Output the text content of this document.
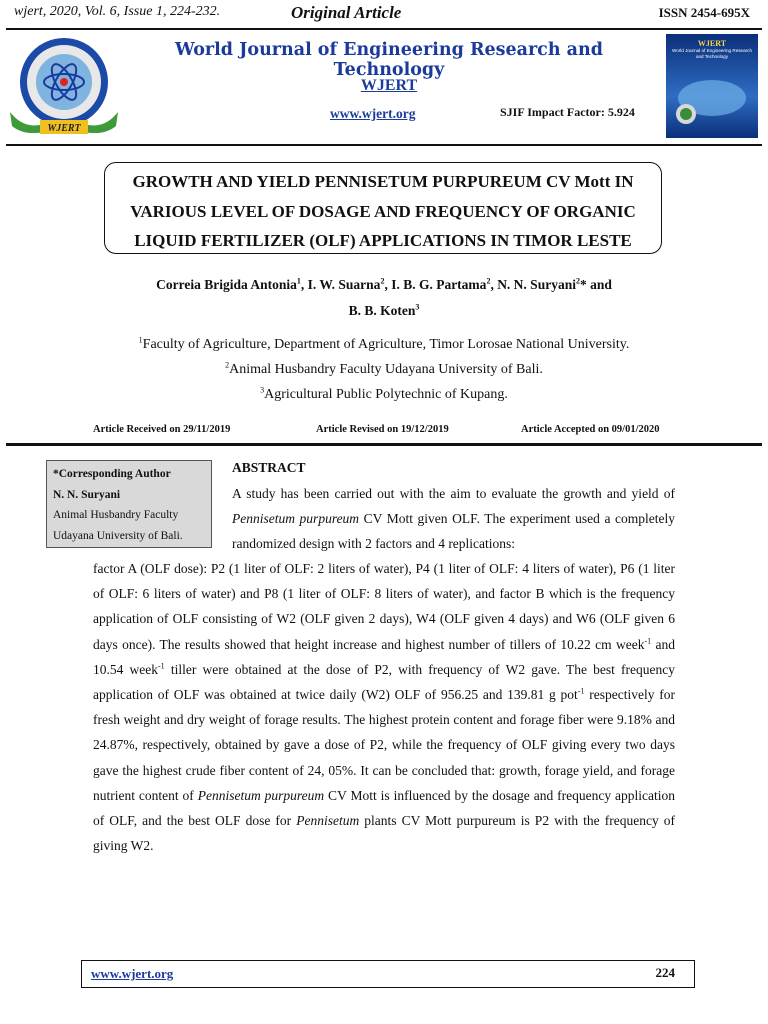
wjert, 2020, Vol. 6, Issue 1, 224-232.	Original Article	ISSN 2454-695X
WJERT
World Journal of Engineering Research and Technology
WJERT
www.wjert.org	SJIF Impact Factor: 5.924
WJERT
World Journal of Engineering Research and Technology
GROWTH AND YIELD PENNISETUM PURPUREUM CV Mott IN
VARIOUS LEVEL OF DOSAGE AND FREQUENCY OF ORGANIC
LIQUID FERTILIZER (OLF) APPLICATIONS IN TIMOR LESTE
Correia Brigida Antonia$^1$, I. W. Suarna$^2$, I. B. G. Partama$^2$, N. N. Suryani$^2$* and
B. B. Koten$^3$
$^1$Faculty of Agriculture, Department of Agriculture, Timor Lorosae National University.
$^2$Animal Husbandry Faculty Udayana University of Bali.
$^3$Agricultural Public Polytechnic of Kupang.
Article Received on 29/11/2019	Article Revised on 19/12/2019	Article Accepted on 09/01/2020
*Corresponding Author
N. N. Suryani
Animal Husbandry Faculty
Udayana University of Bali.
ABSTRACT
A study has been carried out with the aim to evaluate the growth and yield of Pennisetum purpureum CV Mott given OLF. The experiment used a completely randomized design with 2 factors and 4 replications:
factor A (OLF dose): P2 (1 liter of OLF: 2 liters of water), P4 (1 liter of OLF: 4 liters of water), P6 (1 liter of OLF: 6 liters of water) and P8 (1 liter of OLF: 8 liters of water), and factor B which is the frequency application of OLF consisting of W2 (OLF given 2 days), W4 (OLF given 4 days) and W6 (OLF given 6 days once). The results showed that height increase and highest number of tillers of 10.22 cm week$^{-1}$ and 10.54 week$^{-1}$ tiller were obtained at the dose of P2, with frequency of W2 gave. The best frequency application of OLF was obtained at twice daily (W2) OLF of 956.25 and 139.81 g pot$^{-1}$ respectively for fresh weight and dry weight of forage results. The highest protein content and forage fiber were 9.18% and 24.87%, respectively, obtained by gave a dose of P2, while the frequency of OLF giving every two days gave the highest crude fiber content of 24, 05%. It can be concluded that: growth, forage yield, and forage nutrient content of Pennisetum purpureum CV Mott is influenced by the dosage and frequency application of OLF, and the best OLF dose for Pennisetum plants CV Mott purpureum is P2 with the frequency of giving W2.
www.wjert.org	224
